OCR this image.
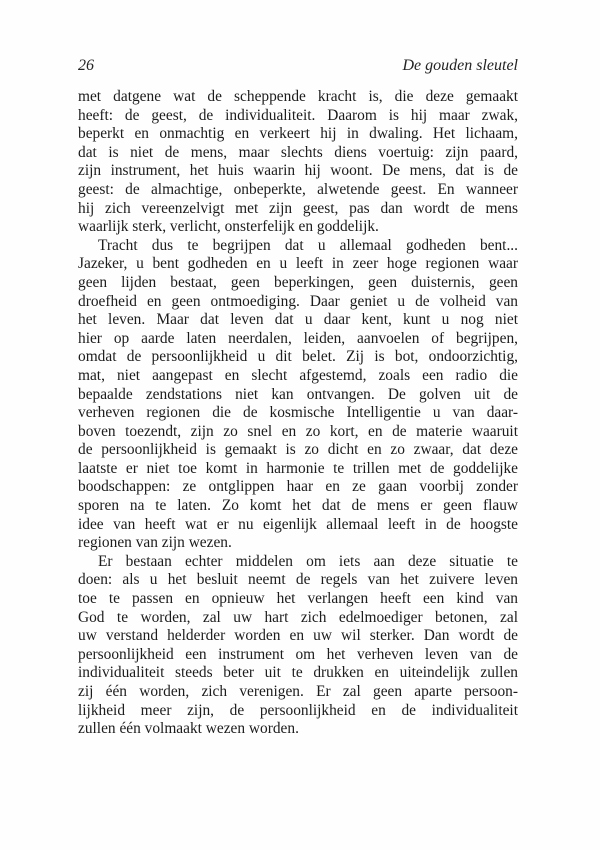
26	De gouden sleutel
met datgene wat de scheppende kracht is, die deze gemaakt
heeft: de geest, de individualiteit. Daarom is hij maar zwak,
beperkt en onmachtig en verkeert hij in dwaling. Het lichaam,
dat is niet de mens, maar slechts diens voertuig: zijn paard,
zijn instrument, het huis waarin hij woont. De mens, dat is de
geest: de almachtige, onbeperkte, alwetende geest. En wanneer
hij zich vereenzelvigt met zijn geest, pas dan wordt de mens
waarlijk sterk, verlicht, onsterfelijk en goddelijk.
Tracht dus te begrijpen dat u allemaal godheden bent...
Jazeker, u bent godheden en u leeft in zeer hoge regionen waar
geen lijden bestaat, geen beperkingen, geen duisternis, geen
droefheid en geen ontmoediging. Daar geniet u de volheid van
het leven. Maar dat leven dat u daar kent, kunt u nog niet
hier op aarde laten neerdalen, leiden, aanvoelen of begrijpen,
omdat de persoonlijkheid u dit belet. Zij is bot, ondoorzichtig,
mat, niet aangepast en slecht afgestemd, zoals een radio die
bepaalde zendstations niet kan ontvangen. De golven uit de
verheven regionen die de kosmische Intelligentie u van daar-
boven toezendt, zijn zo snel en zo kort, en de materie waaruit
de persoonlijkheid is gemaakt is zo dicht en zo zwaar, dat deze
laatste er niet toe komt in harmonie te trillen met de goddelijke
boodschappen: ze ontglippen haar en ze gaan voorbij zonder
sporen na te laten. Zo komt het dat de mens er geen flauw
idee van heeft wat er nu eigenlijk allemaal leeft in de hoogste
regionen van zijn wezen.
Er bestaan echter middelen om iets aan deze situatie te
doen: als u het besluit neemt de regels van het zuivere leven
toe te passen en opnieuw het verlangen heeft een kind van
God te worden, zal uw hart zich edelmoediger betonen, zal
uw verstand helderder worden en uw wil sterker. Dan wordt de
persoonlijkheid een instrument om het verheven leven van de
individualiteit steeds beter uit te drukken en uiteindelijk zullen
zij één worden, zich verenigen. Er zal geen aparte persoon-
lijkheid meer zijn, de persoonlijkheid en de individualiteit
zullen één volmaakt wezen worden.
